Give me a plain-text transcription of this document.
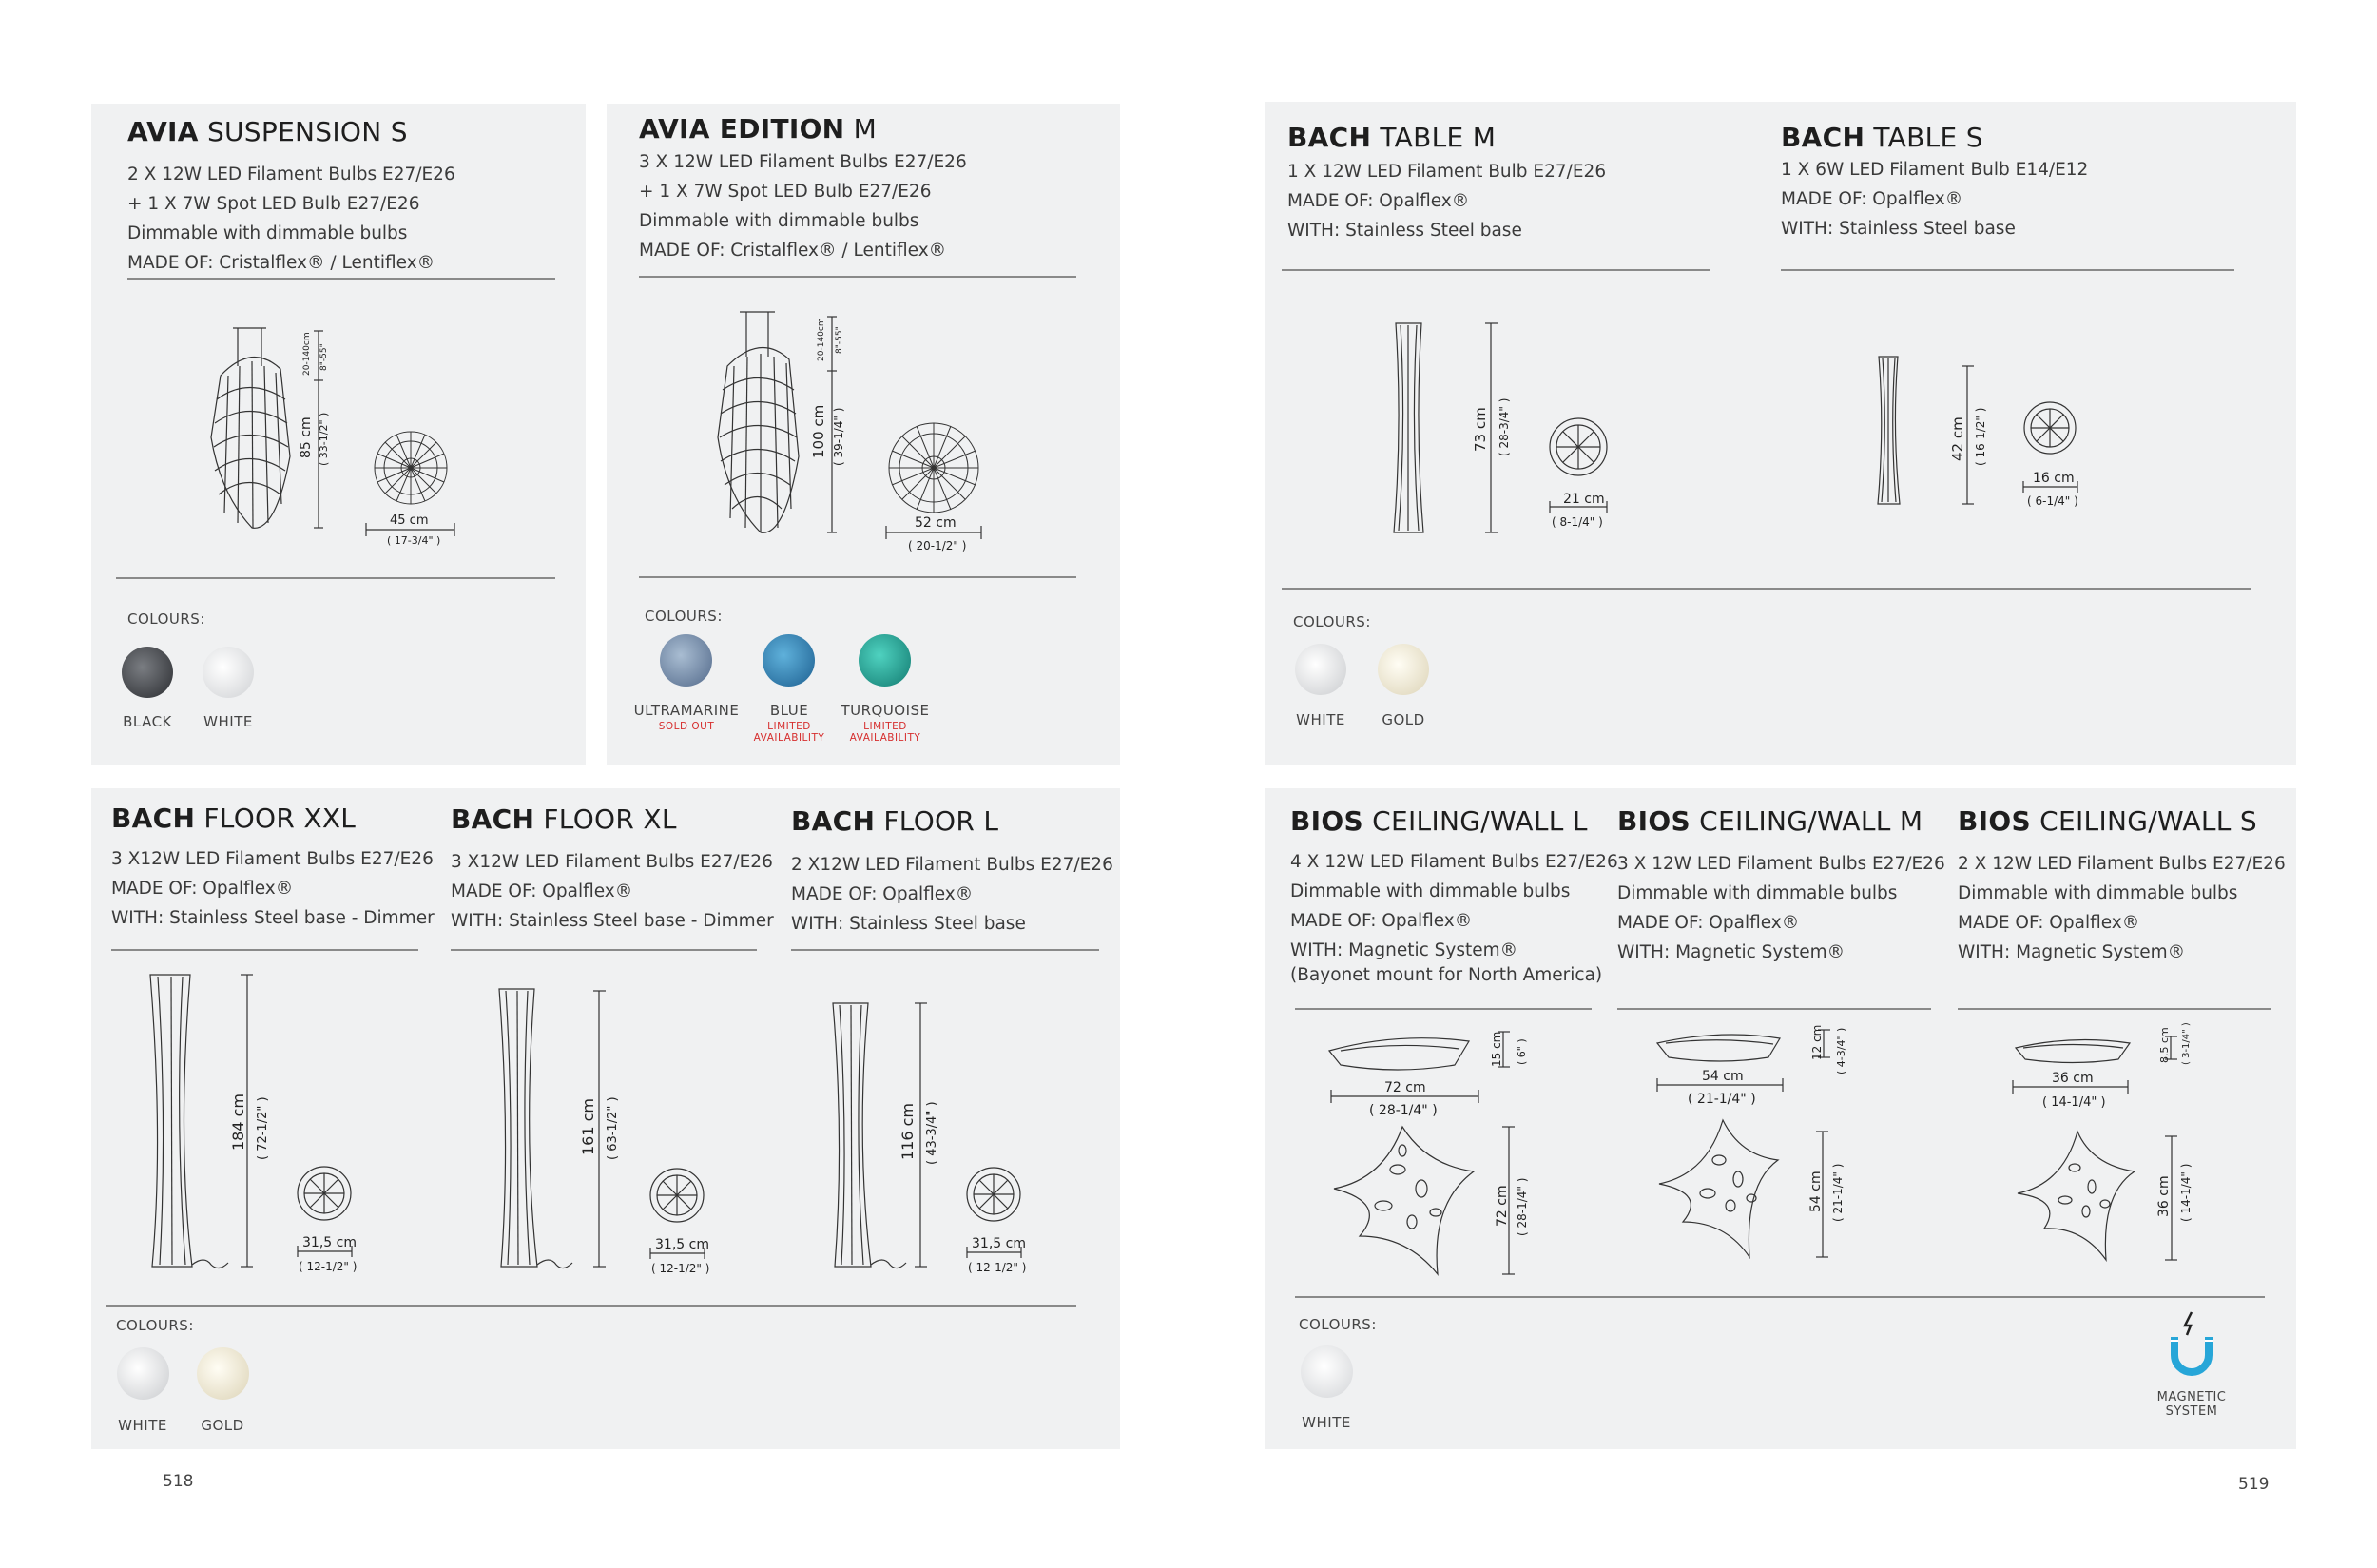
AVIA SUSPENSION S
2 X 12W LED Filament Bulbs E27/E26
+ 1 X 7W Spot LED Bulb E27/E26
Dimmable with dimmable bulbs
MADE OF: Cristalflex® / Lentiflex®
85 cm ( 33-1/2" )
20-140cm 8"-55"
45 cm
( 17-3/4" )
COLOURS:
BLACK	WHITE
AVIA EDITION M
3 X 12W LED Filament Bulbs E27/E26
+ 1 X 7W Spot LED Bulb E27/E26
Dimmable with dimmable bulbs
MADE OF: Cristalflex® / Lentiflex®
100 cm ( 39-1/4" )
20-140cm 8"-55"
52 cm
( 20-1/2" )
COLOURS:
ULTRAMARINE
SOLD OUT
BLUE
LIMITED
AVAILABILITY
TURQUOISE
LIMITED
AVAILABILITY
BACH TABLE M
1 X 12W LED Filament Bulb E27/E26
MADE OF: Opalflex®
WITH: Stainless Steel base
BACH TABLE S
1 X 6W LED Filament Bulb E14/E12
MADE OF: Opalflex®
WITH: Stainless Steel base
73 cm ( 28-3/4" )
21 cm
( 8-1/4" )
42 cm ( 16-1/2" )
16 cm
( 6-1/4" )
COLOURS:
WHITE	GOLD
BACH FLOOR XXL
3 X12W LED Filament Bulbs E27/E26
MADE OF: Opalflex®
WITH: Stainless Steel base - Dimmer
BACH FLOOR XL
3 X12W LED Filament Bulbs E27/E26
MADE OF: Opalflex®
WITH: Stainless Steel base - Dimmer
BACH FLOOR L
2 X12W LED Filament Bulbs E27/E26
MADE OF: Opalflex®
WITH: Stainless Steel base
184 cm ( 72-1/2" )
31,5 cm
( 12-1/2" )
161 cm ( 63-1/2" )
31,5 cm
( 12-1/2" )
116 cm ( 43-3/4" )
31,5 cm
( 12-1/2" )
COLOURS:
WHITE	GOLD
BIOS CEILING/WALL L
4 X 12W LED Filament Bulbs E27/E26
Dimmable with dimmable bulbs
MADE OF: Opalflex®
WITH: Magnetic System®
(Bayonet mount for North America)
BIOS CEILING/WALL M
3 X 12W LED Filament Bulbs E27/E26
Dimmable with dimmable bulbs
MADE OF: Opalflex®
WITH: Magnetic System®
BIOS CEILING/WALL S
2 X 12W LED Filament Bulbs E27/E26
Dimmable with dimmable bulbs
MADE OF: Opalflex®
WITH: Magnetic System®
15 cm ( 6" )
72 cm
( 28-1/4" )
72 cm ( 28-1/4" )
12 cm ( 4-3/4" )
54 cm
( 21-1/4" )
54 cm ( 21-1/4" )
8,5 cm ( 3-1/4" )
36 cm
( 14-1/4" )
36 cm ( 14-1/4" )
COLOURS:
WHITE
MAGNETIC
SYSTEM
518	519
